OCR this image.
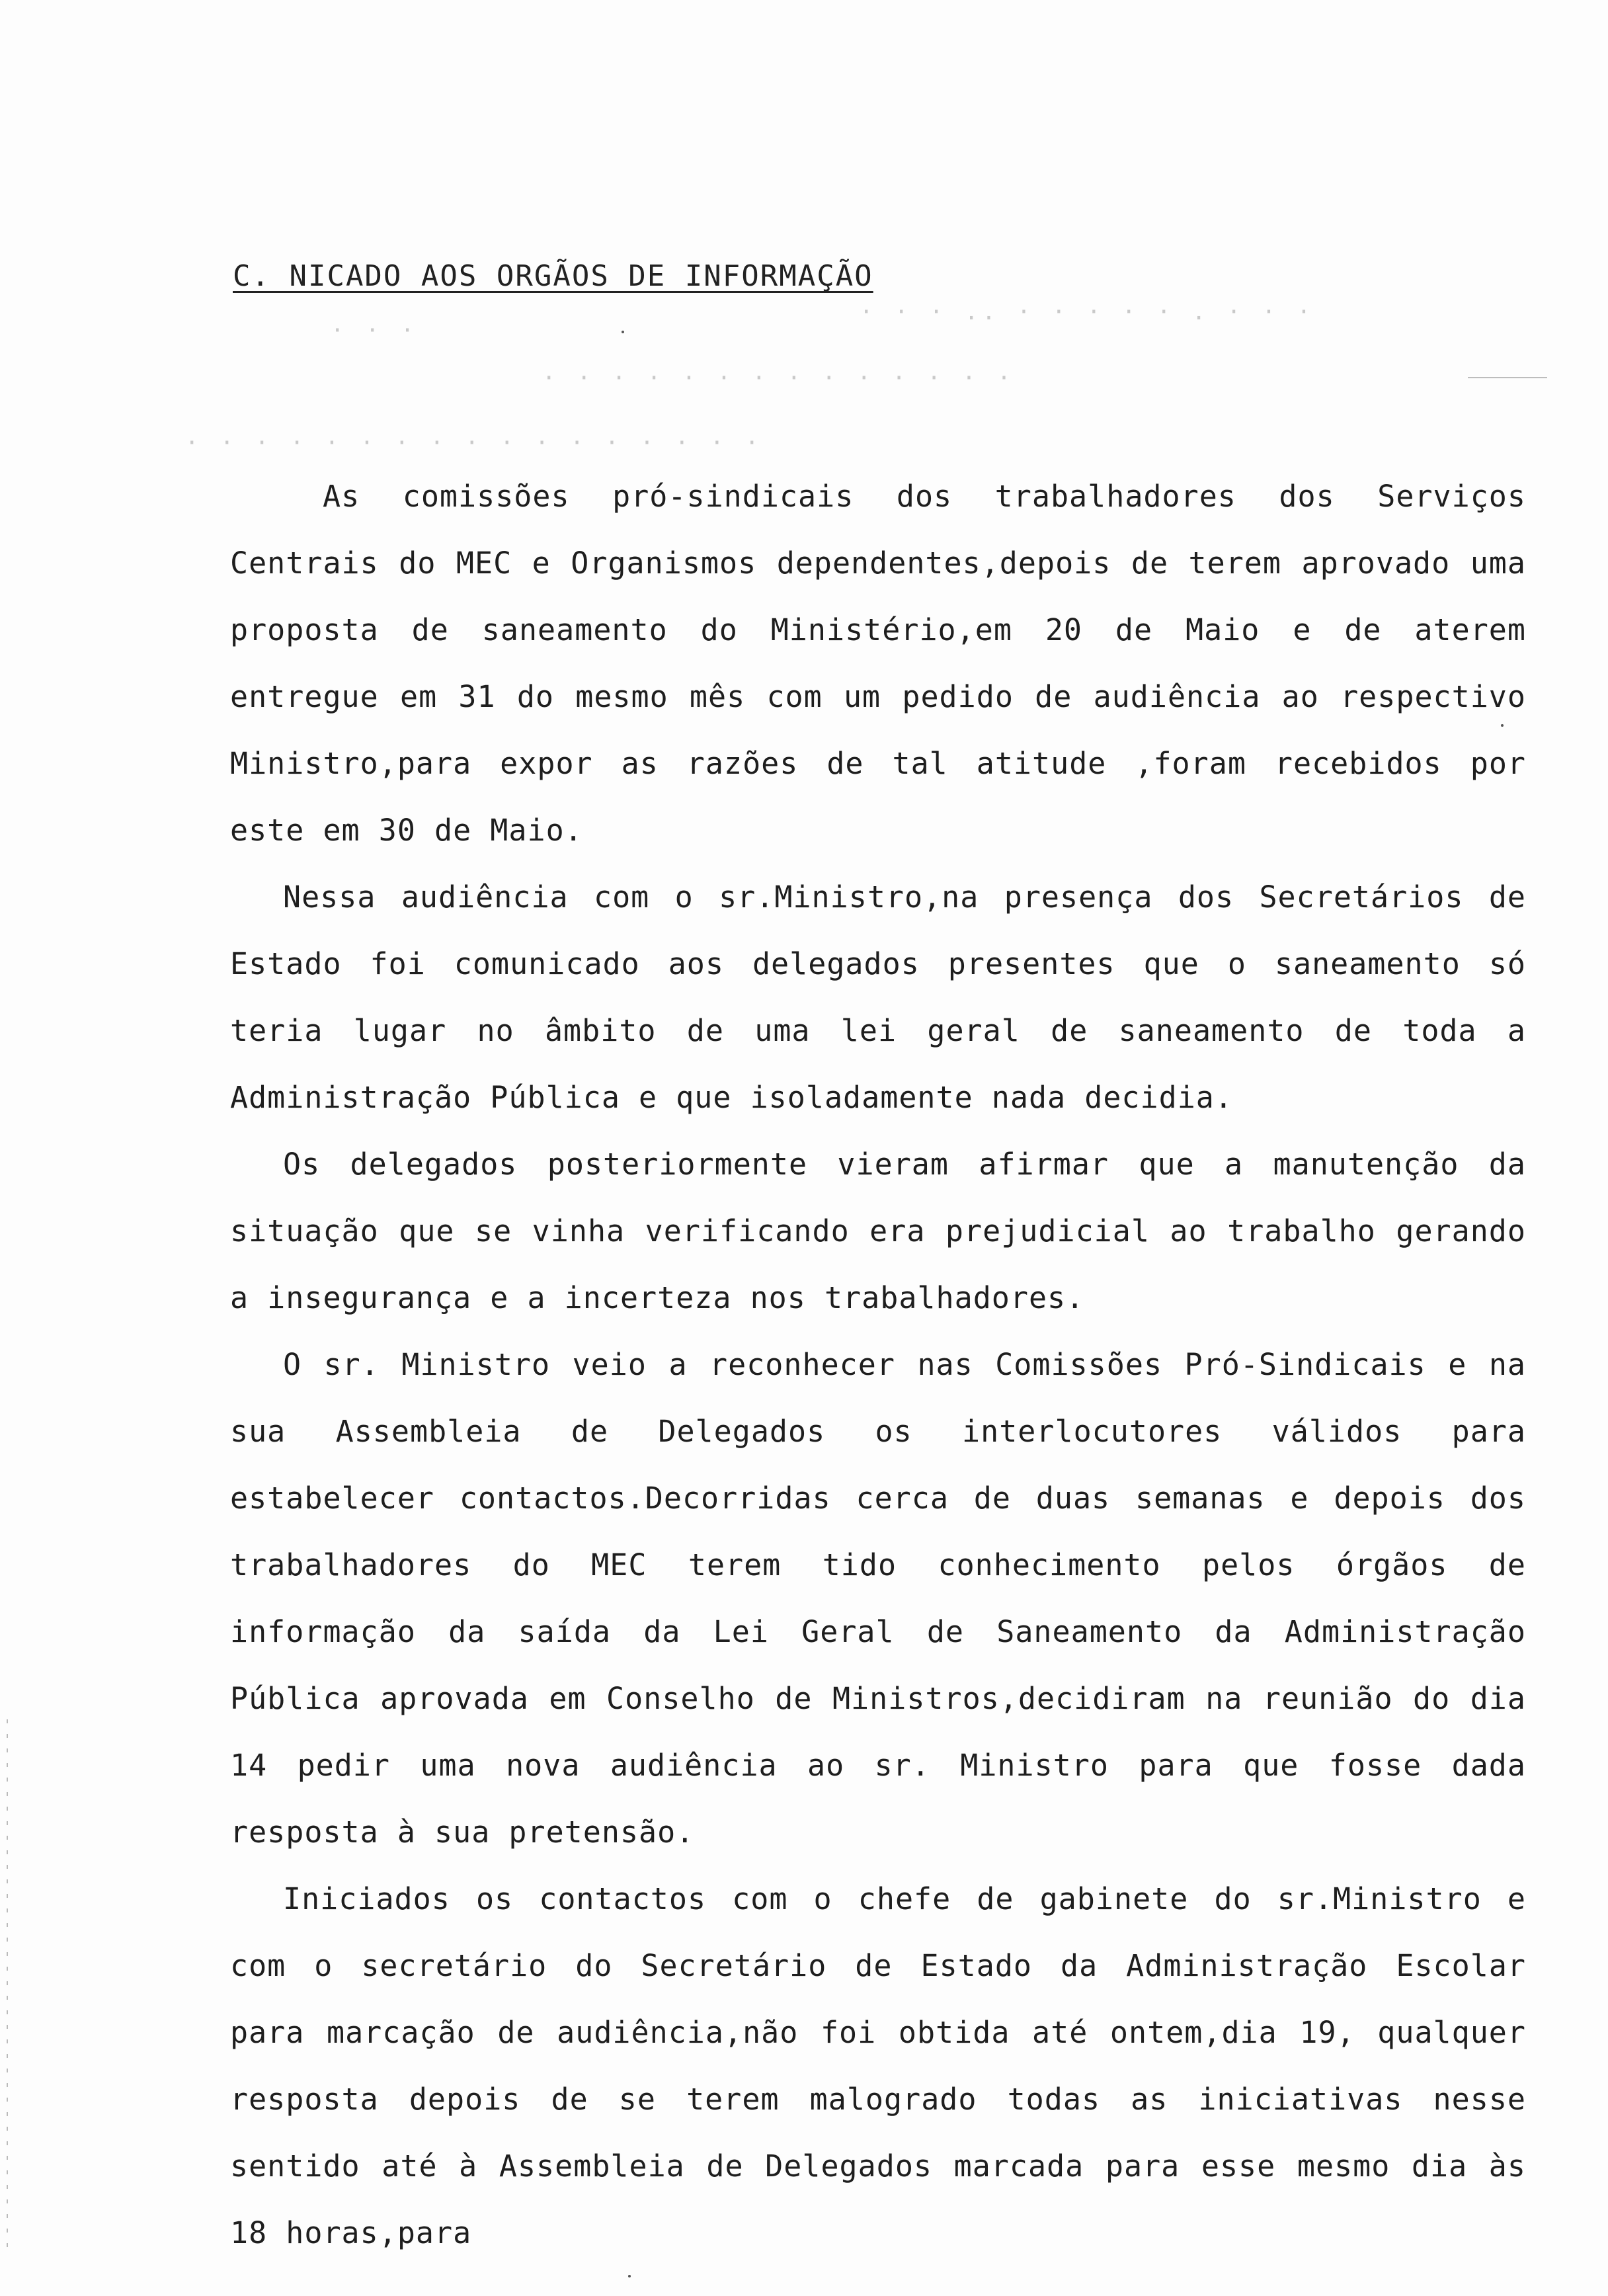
C. NICADO AOS ORGÃOS DE INFORMAÇÃO
· · · .. · · · · · . · · ·
· · · · · · · · · · · · · ·
· · · · · · · · · · · · · · · · ·
· · ·

As comissões pró-sindicais dos trabalhadores dos Serviços Centrais do MEC e Organismos dependentes,depois de terem aprovado uma proposta de saneamento do Ministério,em 20 de Maio e de aterem entregue em 31 do mesmo mês com um pedido de audiência ao respectivo Ministro,para expor as razões de tal atitude ,foram recebidos por este em 30 de Maio.

Nessa audiência com o sr.Ministro,na presença dos Secretários de Estado foi comunicado aos delegados presentes que o saneamento só teria lugar no âmbito de uma lei geral de saneamento de toda a Administração Pública e que isoladamente nada decidia.

Os delegados posteriormente vieram afirmar que a manutenção da situação que se vinha verificando era prejudicial ao trabalho gerando a insegurança e a incerteza nos trabalhadores.

O sr. Ministro veio a reconhecer nas Comissões Pró-Sindicais e na sua Assembleia de Delegados os interlocutores válidos para estabelecer contactos.Decorridas cerca de duas semanas e depois dos trabalhadores do MEC terem tido conhecimento pelos órgãos de informação da saída da Lei Geral de Saneamento da Administração Pública aprovada em Conselho de Ministros,decidiram na reunião do dia 14 pedir uma nova audiência ao sr. Ministro para que fosse dada resposta à sua pretensão.

Iniciados os contactos com o chefe de gabinete do sr.Ministro e com o secretário do Secretário de Estado da Administração Escolar para marcação de audiência,não foi obtida até ontem,dia 19, qualquer resposta depois de se terem malogrado todas as iniciativas nesse sentido até à Assembleia de Delegados marcada para esse mesmo dia às 18 horas,para
